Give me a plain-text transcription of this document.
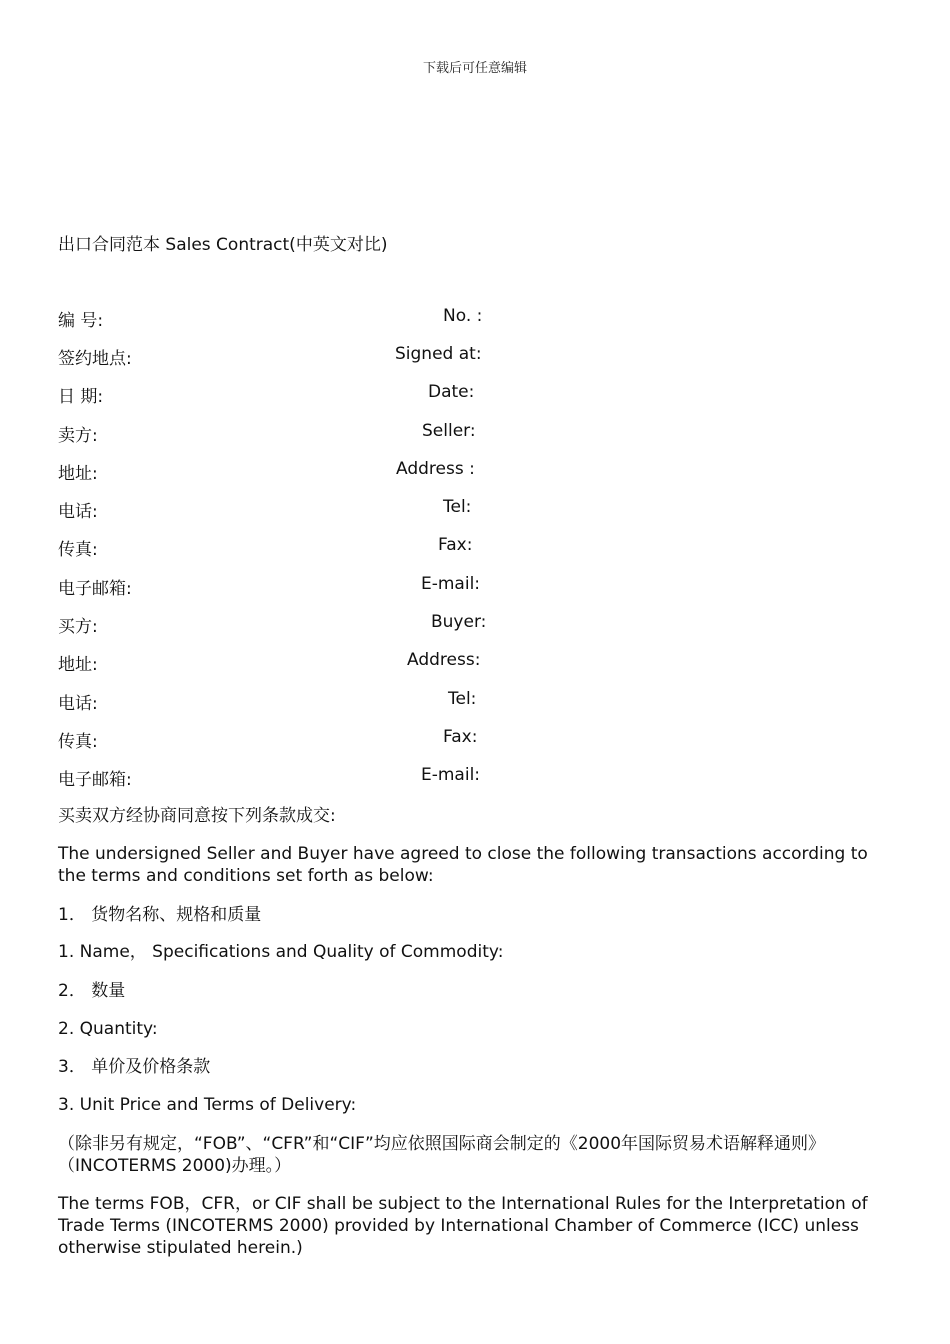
下载后可任意编辑
出口合同范本 Sales Contract(中英文对比)
编 号:	No. :
签约地点:	Signed at:
日 期:	Date:
卖方:	Seller:
地址:	Address :
电话:	Tel:
传真:	Fax:
电子邮箱:	E-mail:
买方:	Buyer:
地址:	Address:
电话:	Tel:
传真:	Fax:
电子邮箱:	E-mail:
买卖双方经协商同意按下列条款成交:
The undersigned Seller and Buyer have agreed to close the following transactions according to the terms and conditions set forth as below:
1． 货物名称、规格和质量
1. Name， Specifications and Quality of Commodity:
2． 数量
2. Quantity:
3． 单价及价格条款
3. Unit Price and Terms of Delivery:
（除非另有规定，“FOB”、“CFR”和“CIF”均应依照国际商会制定的《2000年国际贸易术语解释通则》（INCOTERMS 2000)办理。）
The terms FOB，CFR，or CIF shall be subject to the International Rules for the Interpretation of Trade Terms (INCOTERMS 2000) provided by International Chamber of Commerce (ICC) unless otherwise stipulated herein.)
